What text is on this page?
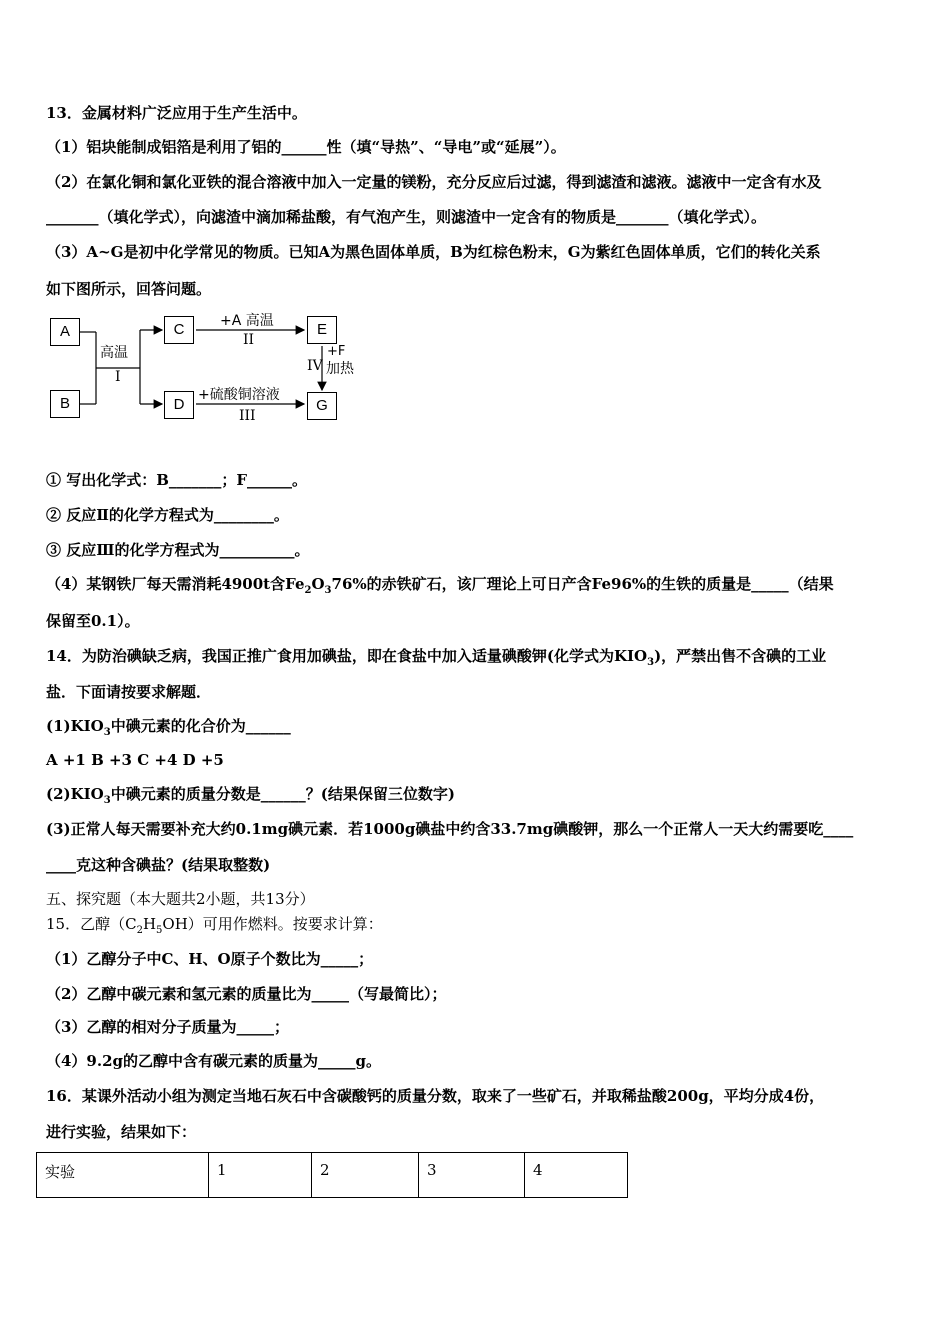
13．金属材料广泛应用于生产生活中。
（1）铝块能制成铝箔是利用了铝的______性（填“导热”、“导电”或“延展”）。
（2）在氯化铜和氯化亚铁的混合溶液中加入一定量的镁粉，充分反应后过滤，得到滤渣和滤液。滤液中一定含有水及
_______（填化学式），向滤渣中滴加稀盐酸，有气泡产生，则滤渣中一定含有的物质是_______（填化学式）。
（3）A~G是初中化学常见的物质。已知A为黑色固体单质，B为红棕色粉末，G为紫红色固体单质，它们的转化关系
如下图所示，回答问题。
A
B
C
D
E
G
高温
I
+A 高温
II
+硫酸铜溶液
III
+F
IV 加热
① 写出化学式：B_______；F______。
② 反应Ⅱ的化学方程式为________。
③ 反应Ⅲ的化学方程式为__________。
（4）某钢铁厂每天需消耗4900t含$Fe_2O_376\%$的赤铁矿石，该厂理论上可日产含Fe96%的生铁的质量是_____（结果
保留至0.1）。
14．为防治碘缺乏病，我国正推广食用加碘盐，即在食盐中加入适量碘酸钾(化学式为$KIO_3$)，严禁出售不含碘的工业
盐．下面请按要求解题．
$(1)KIO_3$中碘元素的化合价为______
A +1 B +3 C +4 D +5
$(2)KIO_3$中碘元素的质量分数是______？(结果保留三位数字)
(3)正常人每天需要补充大约0.1mg碘元素．若1000g碘盐中约含33.7mg碘酸钾，那么一个正常人一天大约需要吃____
____克这种含碘盐？(结果取整数)
五、探究题（本大题共2小题，共13分）
15．乙醇$(C_2H_5OH)$可用作燃料。按要求计算：
（1）乙醇分子中C、H、O原子个数比为_____；
（2）乙醇中碳元素和氢元素的质量比为_____（写最简比）；
（3）乙醇的相对分子质量为_____；
（4）9.2g的乙醇中含有碳元素的质量为_____g。
16．某课外活动小组为测定当地石灰石中含碳酸钙的质量分数，取来了一些矿石，并取稀盐酸200g，平均分成4份，
进行实验，结果如下：
实验	1	2	3	4
